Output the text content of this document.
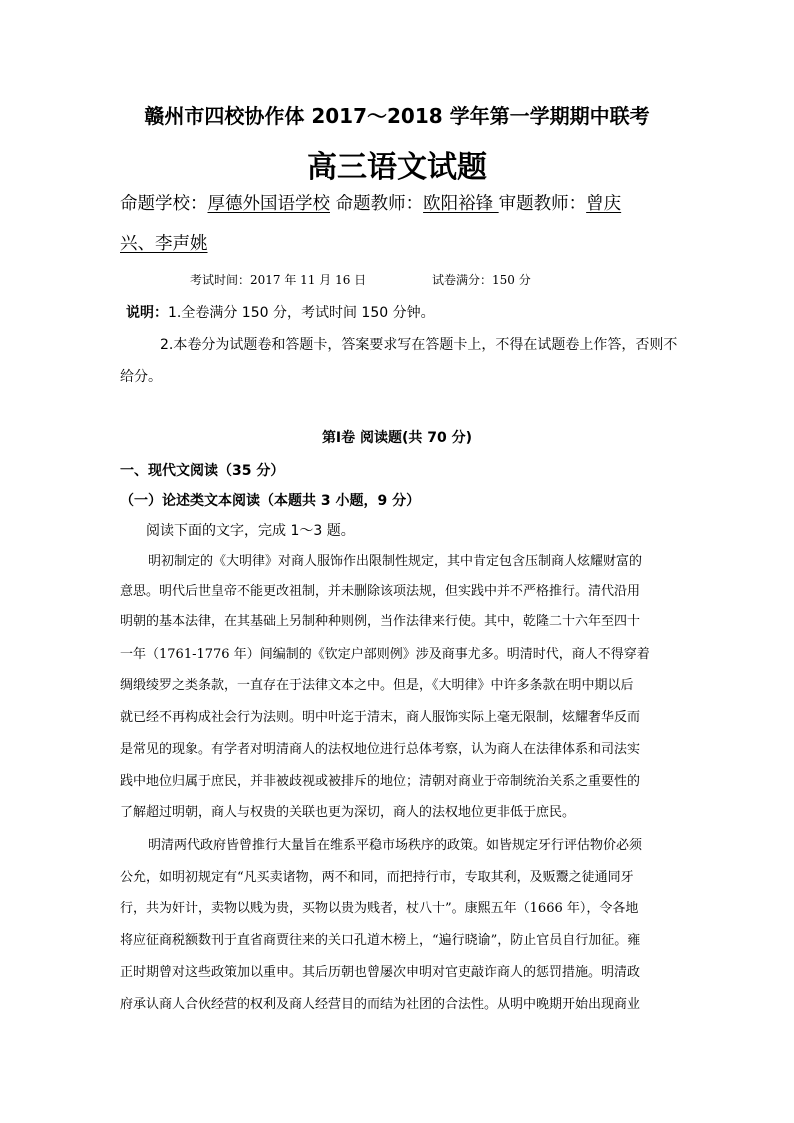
赣州市四校协作体 2017～2018 学年第一学期期中联考
高三语文试题
命题学校：厚德外国语学校 命题教师：欧阳裕锋 审题教师：曾庆
兴、李声姚
考试时间：2017 年 11 月 16 日	试卷满分：150 分
说明：1.全卷满分 150 分，考试时间 150 分钟。
2.本卷分为试题卷和答题卡，答案要求写在答题卡上，不得在试题卷上作答，否则不
给分。
第Ⅰ卷 阅读题(共 70 分)
一、现代文阅读（35 分）
（一）论述类文本阅读（本题共 3 小题，9 分）
阅读下面的文字，完成 1～3 题。
明初制定的《大明律》对商人服饰作出限制性规定，其中肯定包含压制商人炫耀财富的
意思。明代后世皇帝不能更改祖制，并未删除该项法规，但实践中并不严格推行。清代沿用
明朝的基本法律，在其基础上另制种种则例，当作法律来行使。其中，乾隆二十六年至四十
一年（1761-1776 年）间编制的《钦定户部则例》涉及商事尤多。明清时代，商人不得穿着
绸缎绫罗之类条款，一直存在于法律文本之中。但是，《大明律》中许多条款在明中期以后
就已经不再构成社会行为法则。明中叶迄于清末，商人服饰实际上毫无限制，炫耀奢华反而
是常见的现象。有学者对明清商人的法权地位进行总体考察，认为商人在法律体系和司法实
践中地位归属于庶民，并非被歧视或被排斥的地位；清朝对商业于帝制统治关系之重要性的
了解超过明朝，商人与权贵的关联也更为深切，商人的法权地位更非低于庶民。
明清两代政府皆曾推行大量旨在维系平稳市场秩序的政策。如皆规定牙行评估物价必须
公允，如明初规定有“凡买卖诸物，两不和同，而把持行市，专取其利，及贩鬻之徒通同牙
行，共为奸计，卖物以贱为贵，买物以贵为贱者，杖八十”。康熙五年（1666 年），令各地
将应征商税额数刊于直省商贾往来的关口孔道木榜上，“遍行晓谕”，防止官员自行加征。雍
正时期曾对这些政策加以重申。其后历朝也曾屡次申明对官吏敲诈商人的惩罚措施。明清政
府承认商人合伙经营的权利及商人经营目的而结为社团的合法性。从明中晚期开始出现商业
